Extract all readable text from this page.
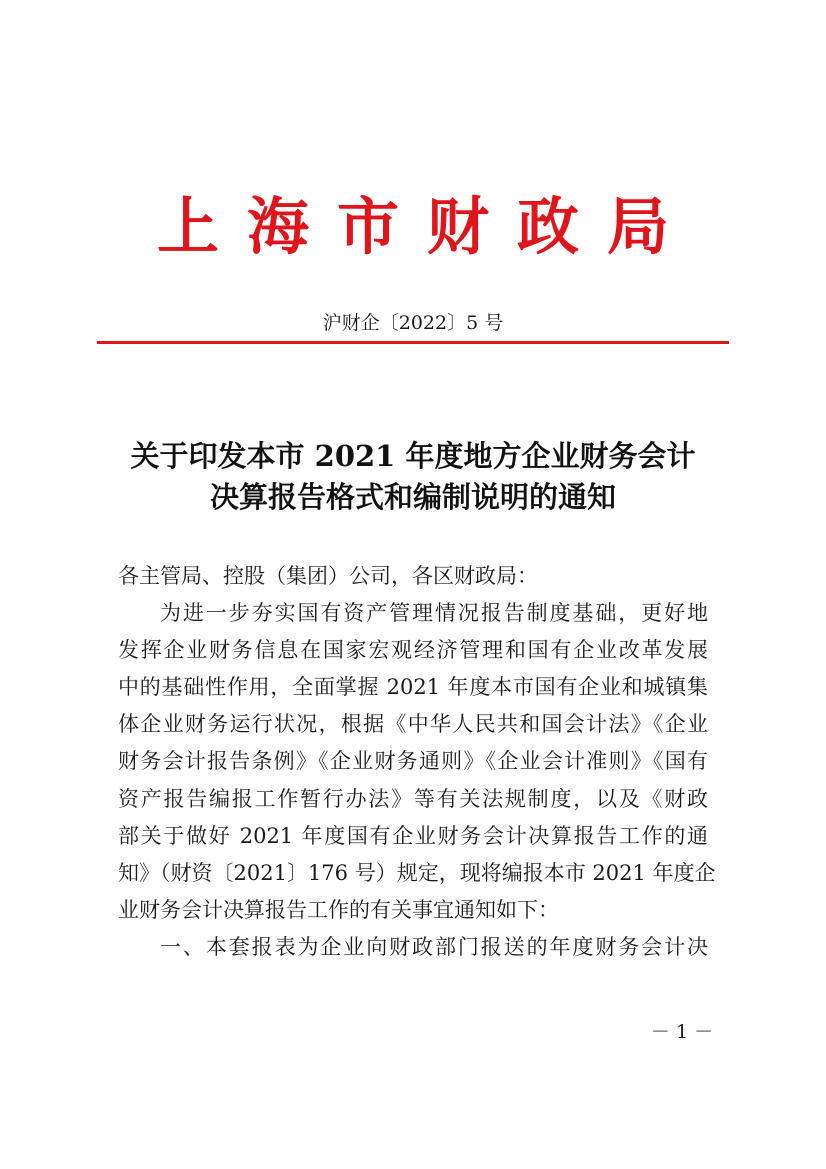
上海市财政局
沪财企〔2022〕5 号
关于印发本市 2021 年度地方企业财务会计
决算报告格式和编制说明的通知
各主管局、控股（集团）公司，各区财政局：
为进一步夯实国有资产管理情况报告制度基础，更好地
发挥企业财务信息在国家宏观经济管理和国有企业改革发展
中的基础性作用，全面掌握 2021 年度本市国有企业和城镇集
体企业财务运行状况，根据《中华人民共和国会计法》《企业
财务会计报告条例》《企业财务通则》《企业会计准则》《国有
资产报告编报工作暂行办法》等有关法规制度，以及《财政
部关于做好 2021 年度国有企业财务会计决算报告工作的通
知》（财资〔2021〕176 号）规定，现将编报本市 2021 年度企
业财务会计决算报告工作的有关事宜通知如下：
一、本套报表为企业向财政部门报送的年度财务会计决
－ 1 －
